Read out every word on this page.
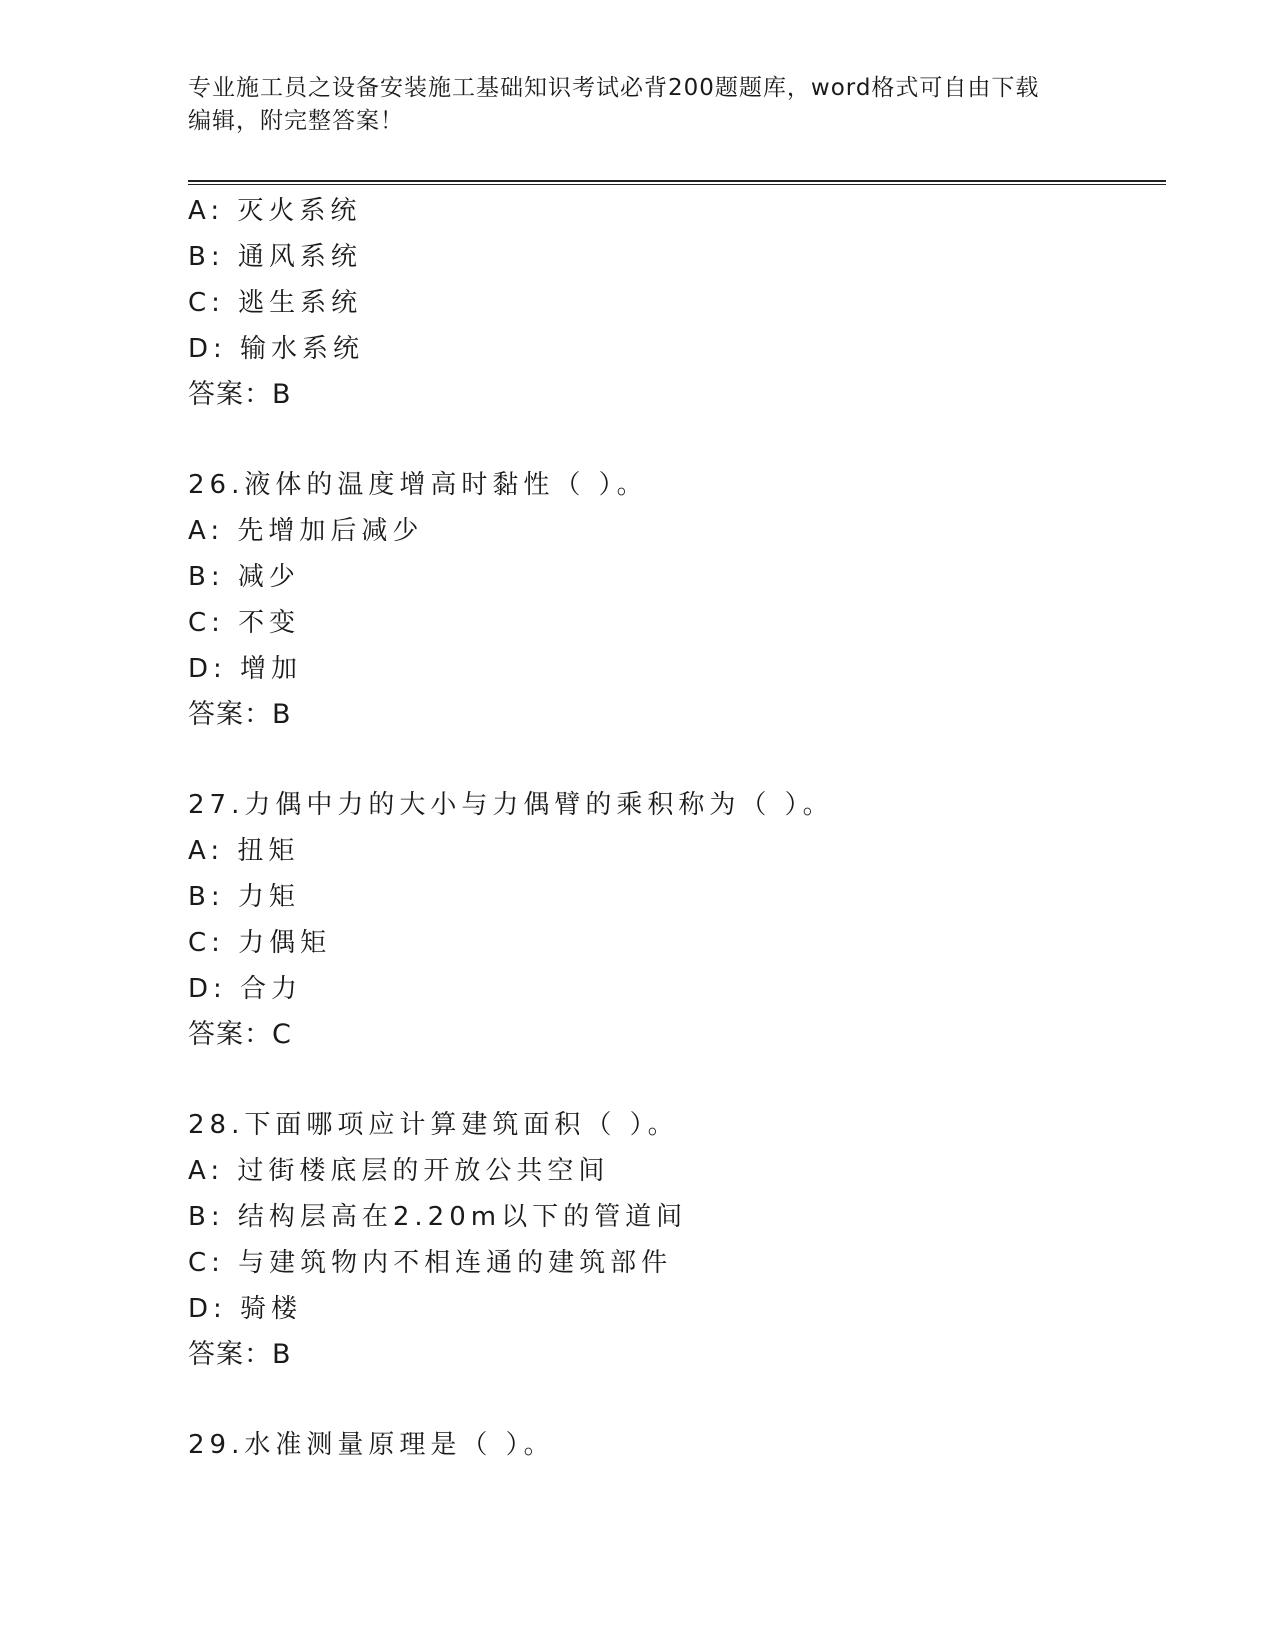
专业施工员之设备安装施工基础知识考试必背200题题库，word格式可自由下载
编辑，附完整答案！
A: 灭火系统
B: 通风系统
C: 逃生系统
D: 输水系统
答案：B
26.液体的温度增高时黏性（ ）。
A: 先增加后减少
B: 减少
C: 不变
D: 增加
答案：B
27.力偶中力的大小与力偶臂的乘积称为（ ）。
A: 扭矩
B: 力矩
C: 力偶矩
D: 合力
答案：C
28.下面哪项应计算建筑面积（ ）。
A: 过街楼底层的开放公共空间
B: 结构层高在2.20m以下的管道间
C: 与建筑物内不相连通的建筑部件
D: 骑楼
答案：B
29.水准测量原理是（ ）。
